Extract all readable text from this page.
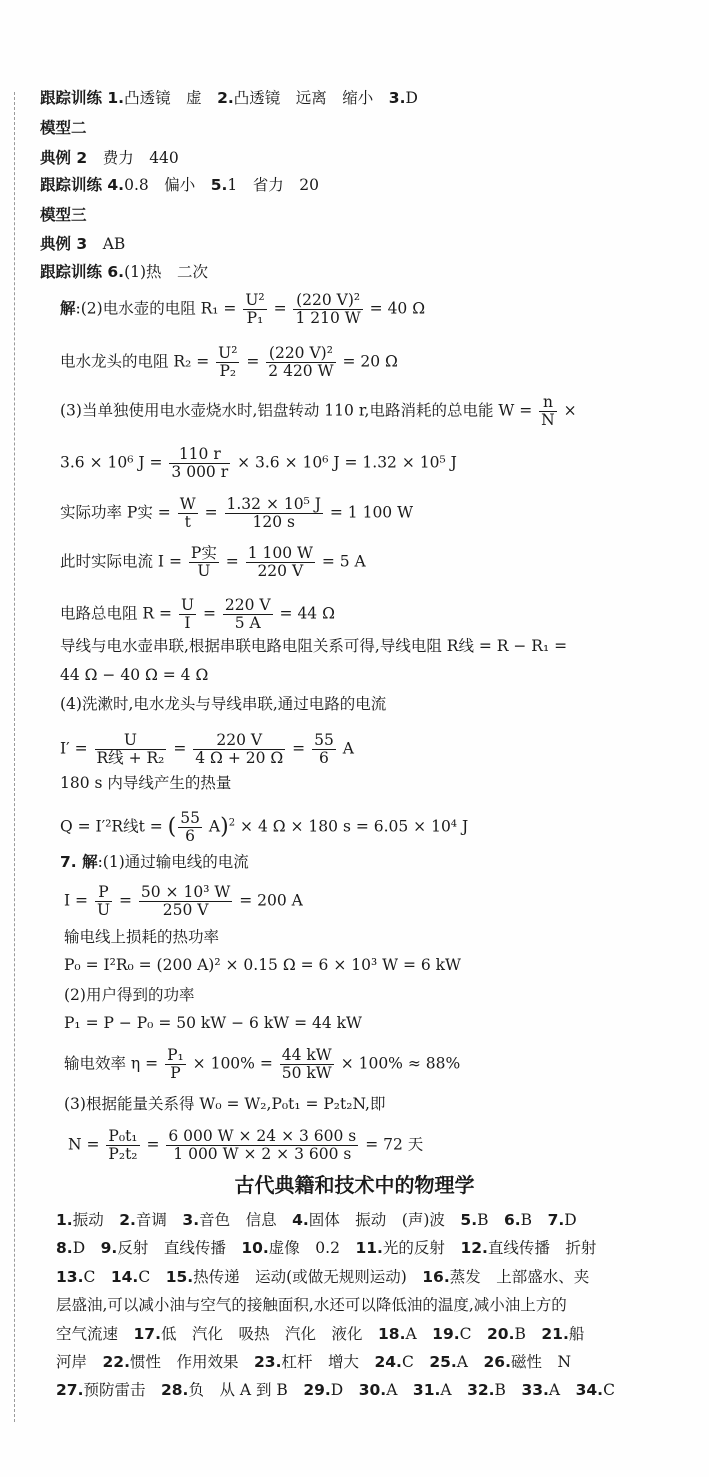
跟踪训练 1.凸透镜　虚　2.凸透镜　远离　缩小　3.D
模型二
典例 2　费力　440
跟踪训练 4.0.8　偏小　5.1　省力　20
模型三
典例 3　AB
跟踪训练 6.(1)热　二次
解:(2)电水壶的电阻 $R_1 = \frac{\text{U²}}{\text{P₁}} = \frac{\text{(220 V)²}}{1 210 W} = 40$ Ω
电水龙头的电阻 $R_2 = \frac{\text{U²}}{\text{P₂}} = \frac{\text{(220 V)²}}{2 420 W} = 20$ Ω
(3)当单独使用电水壶烧水时,铝盘转动 110 r,电路消耗的总电能 $W = \frac{n}{N}$ ×
3.6 × 10⁶ $J = \frac{110 r}{3 000 r} \times 3.6 \times 10^6$ J = 1.32 × 10⁵ J
实际功率 P实 = $\frac{W}{t} = \frac{\text{1.32 × 10⁵ J}}{120 s} = 1$ 100 W
此时实际电流 $I = \frac{\text{P实}}{U} = \frac{1 100 W}{220 V} = 5$ A
电路总电阻 $R = \frac{U}{I} = \frac{220 V}{5 A} = 44$ Ω
导线与电水壶串联,根据串联电路电阻关系可得,导线电阻 R线 = R − R₁ =
44 Ω − 40 Ω = 4 Ω
(4)洗漱时,电水龙头与导线串联,通过电路的电流
$I' = \frac{U}{\text{R线 + R₂}} = \frac{220 V}{4 \Omega + 20 \Omega} = \frac{55}{6}$ A
180 s 内导线产生的热量
Q = I′²R线t = ( $\frac{55}{6} A)^2 \times 4$ Ω × 180 s = 6.05 × 10⁴ J
7. 解:(1)通过输电线的电流
$I = \frac{P}{U} = \frac{\text{50 × 10³ W}}{250 V} = 200$ A
输电线上损耗的热功率
P₀ = I²R₀ = (200 A)² × 0.15 Ω = 6 × 10³ W = 6 kW
(2)用户得到的功率
P₁ = P − P₀ = 50 kW − 6 kW = 44 kW
输电效率 $\eta = \frac{\text{P₁}}{P} \times 100\% = \frac{44 kW}{50 kW} \times 100\% \approx 88\%$
(3)根据能量关系得 W₀ = W₂,P₀t₁ = P₂t₂N,即
$N = \frac{\text{P₀t₁}}{\text{P₂t₂}} = \frac{6 000 W \times 24 \times 3 600 s}{1 000 W \times 2 \times 3 600 s} = 72$ 天
古代典籍和技术中的物理学
1.振动　2.音调　3.音色　信息　4.固体　振动　(声)波　5.B　6.B　7.D
8.D　9.反射　直线传播　10.虚像　0.2　11.光的反射　12.直线传播　折射
13.C　14.C　15.热传递　运动(或做无规则运动)　16.蒸发　上部盛水、夹
层盛油,可以减小油与空气的接触面积,水还可以降低油的温度,减小油上方的
空气流速　17.低　汽化　吸热　汽化　液化　18.A　19.C　20.B　21.船
河岸　22.惯性　作用效果　23.杠杆　增大　24.C　25.A　26.磁性　N
27.预防雷击　28.负　从 A 到 B　29.D　30.A　31.A　32.B　33.A　34.C
